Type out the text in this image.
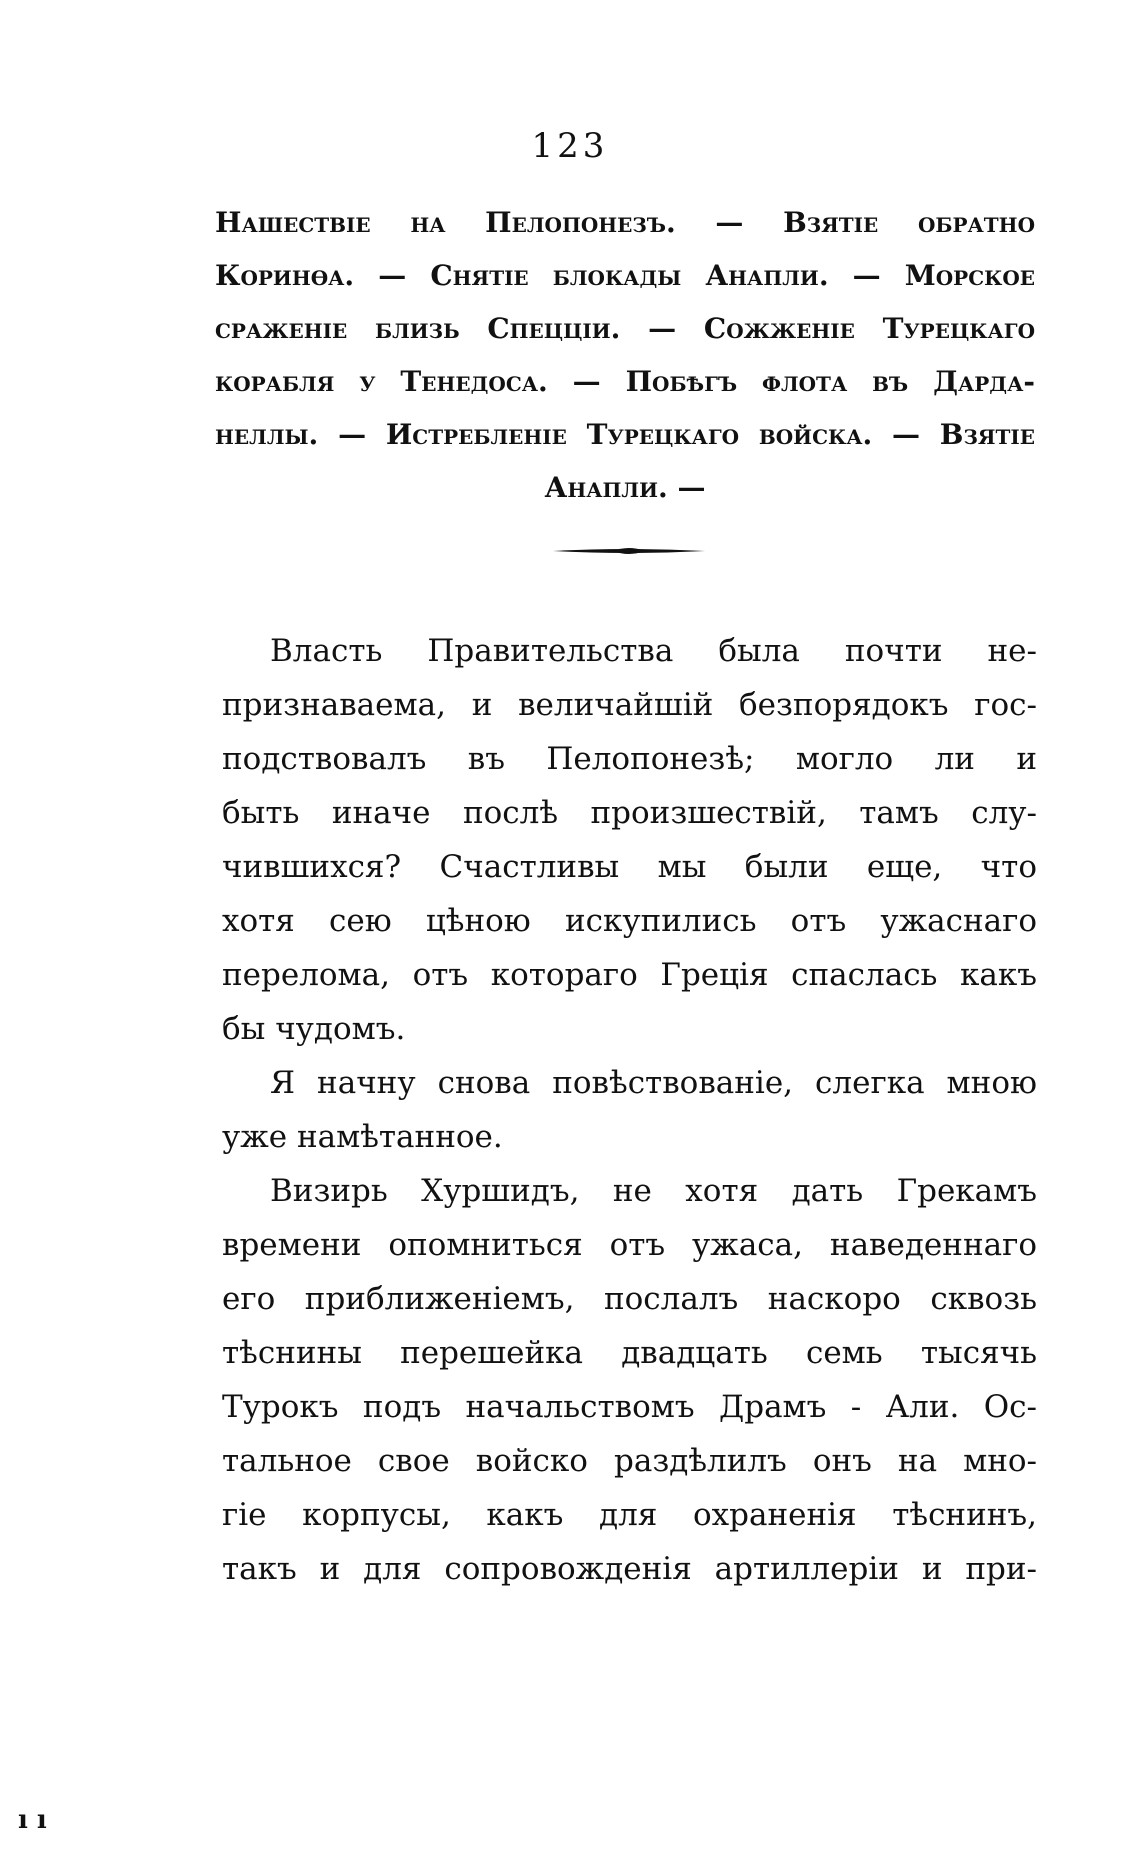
123
Нашествіе на Пелопонезъ. — Взятіе обратно
Коринөа. — Снятіе блокады Анапли. — Морское
сраженіе близь Спецціи. — Сожженіе Турецкаго
корабля у Тенедоса. — Побѣгъ флота въ Дарда-
неллы. — Истребленіе Турецкаго войска. — Взятіе
Анапли. —
Власть Правительства была почти не-
признаваема, и величайшій безпорядокъ гос-
подствовалъ въ Пелопонезѣ; могло ли и
быть иначе послѣ произшествій, тамъ слу-
чившихся? Счастливы мы были еще, что
хотя сею цѣною искупились отъ ужаснаго
перелома, отъ котораго Греція спаслась какъ
бы чудомъ.
Я начну снова повѣствованіе, слегка мною
уже намѣтанное.
Визирь Хуршидъ, не хотя дать Грекамъ
времени опомниться отъ ужаса, наведеннаго
его приближеніемъ, послалъ наскоро сквозь
тѣснины перешейка двадцать семь тысячь
Турокъ подъ начальствомъ Драмъ - Али. Ос-
тальное свое войско раздѣлилъ онъ на мно-
гіе корпусы, какъ для охраненія тѣснинъ,
такъ и для сопровожденія артиллеріи и при-
ı ı
